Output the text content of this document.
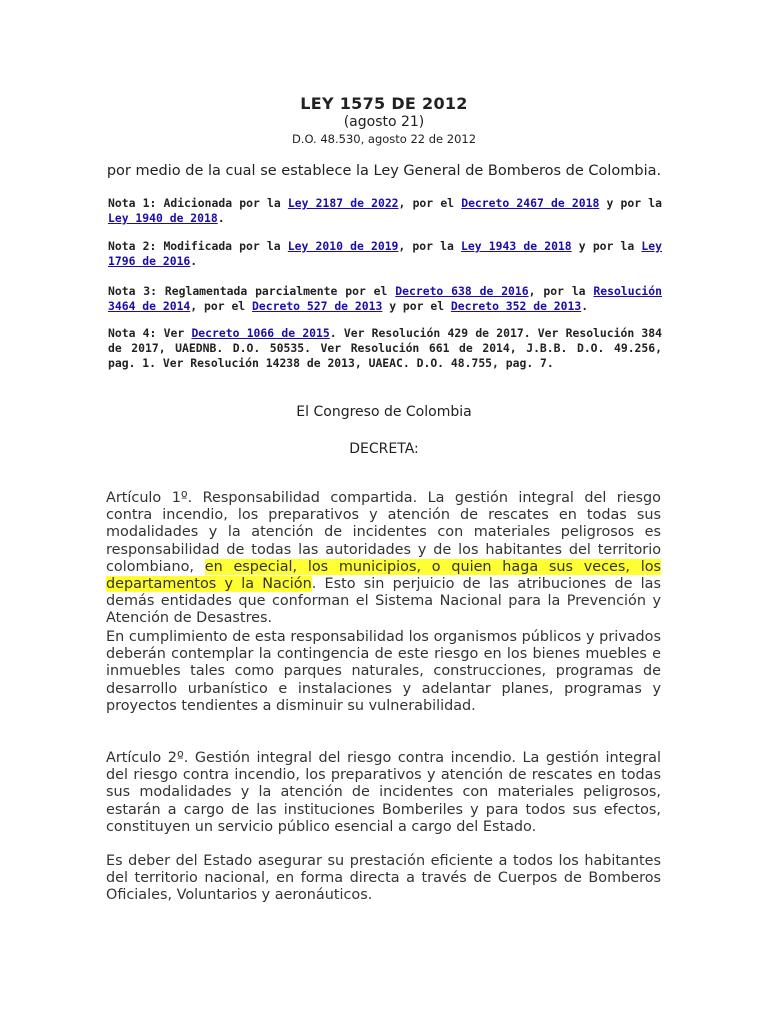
LEY 1575 DE 2012
(agosto 21)
D.O. 48.530, agosto 22 de 2012
por medio de la cual se establece la Ley General de Bomberos de Colombia.
Nota 1: Adicionada por la Ley 2187 de 2022, por el Decreto 2467 de 2018 y por la Ley 1940 de 2018.
Nota 2: Modificada por la Ley 2010 de 2019, por la Ley 1943 de 2018 y por la Ley 1796 de 2016.
Nota 3: Reglamentada parcialmente por el Decreto 638 de 2016, por la Resolución 3464 de 2014, por el Decreto 527 de 2013 y por el Decreto 352 de 2013.
Nota 4: Ver Decreto 1066 de 2015. Ver Resolución 429 de 2017. Ver Resolución 384 de 2017, UAEDNB. D.O. 50535. Ver Resolución 661 de 2014, J.B.B. D.O. 49.256, pag. 1. Ver Resolución 14238 de 2013, UAEAC. D.O. 48.755, pag. 7.
El Congreso de Colombia
DECRETA:
Artículo 1º. Responsabilidad compartida. La gestión integral del riesgo contra incendio, los preparativos y atención de rescates en todas sus modalidades y la atención de incidentes con materiales peligrosos es responsabilidad de todas las autoridades y de los habitantes del territorio colombiano, en especial, los municipios, o quien haga sus veces, los departamentos y la Nación. Esto sin perjuicio de las atribuciones de las demás entidades que conforman el Sistema Nacional para la Prevención y Atención de Desastres.
En cumplimiento de esta responsabilidad los organismos públicos y privados deberán contemplar la contingencia de este riesgo en los bienes muebles e inmuebles tales como parques naturales, construcciones, programas de desarrollo urbanístico e instalaciones y adelantar planes, programas y proyectos tendientes a disminuir su vulnerabilidad.
Artículo 2º. Gestión integral del riesgo contra incendio. La gestión integral del riesgo contra incendio, los preparativos y atención de rescates en todas sus modalidades y la atención de incidentes con materiales peligrosos, estarán a cargo de las instituciones Bomberiles y para todos sus efectos, constituyen un servicio público esencial a cargo del Estado.
Es deber del Estado asegurar su prestación eficiente a todos los habitantes del territorio nacional, en forma directa a través de Cuerpos de Bomberos Oficiales, Voluntarios y aeronáuticos.
